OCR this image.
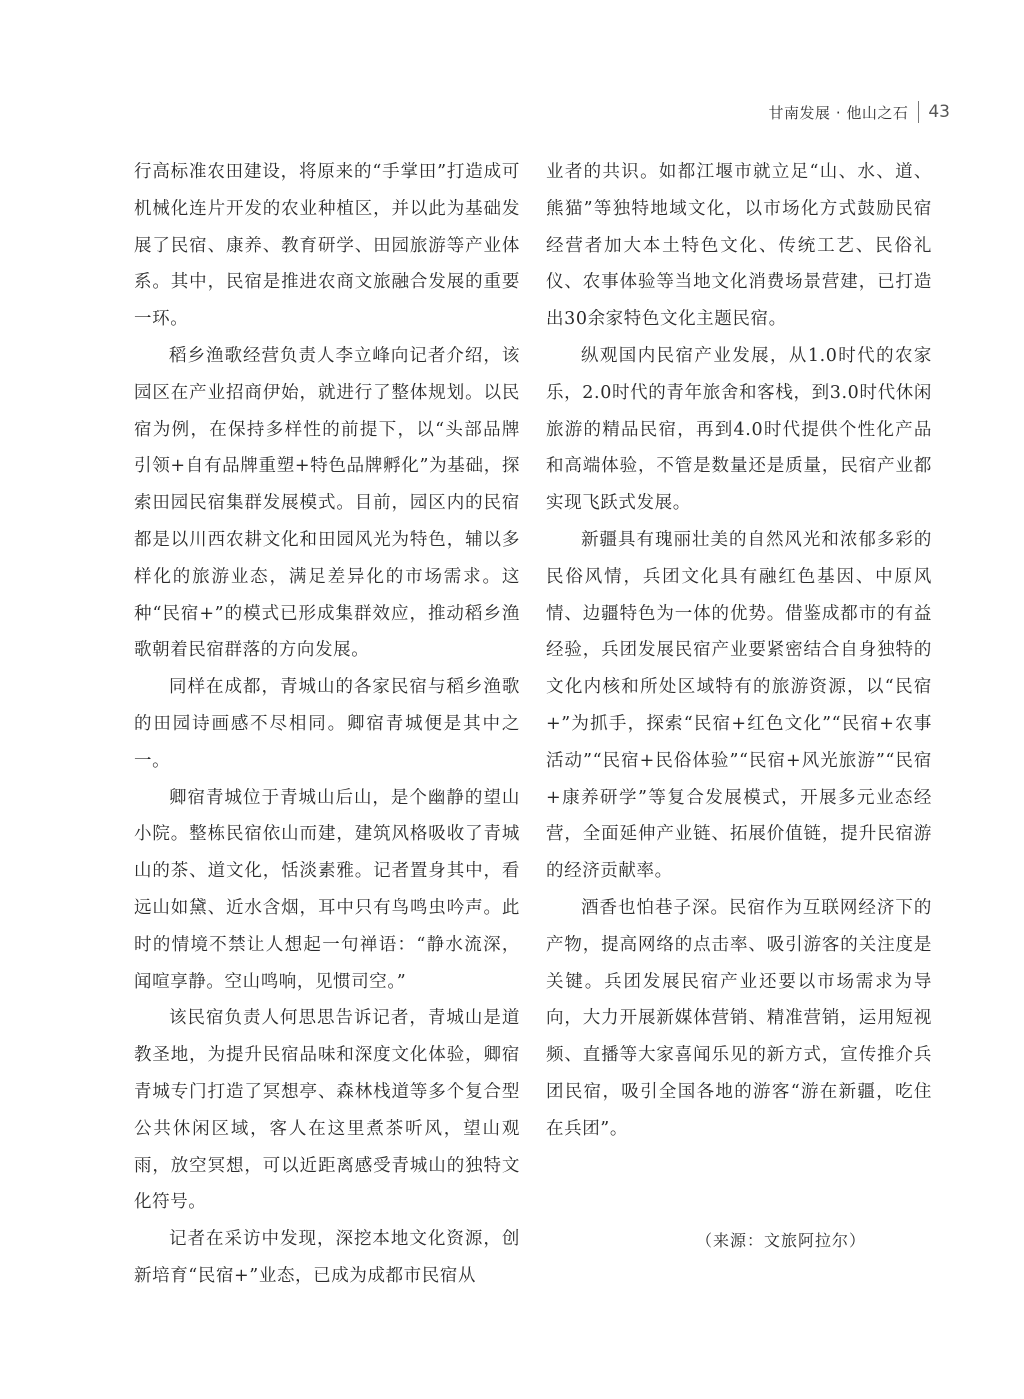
甘南发展 · 他山之石 43

行高标准农田建设，将原来的“手掌田”打造成可机械化连片开发的农业种植区，并以此为基础发展了民宿、康养、教育研学、田园旅游等产业体系。其中，民宿是推进农商文旅融合发展的重要一环。

稻乡渔歌经营负责人李立峰向记者介绍，该园区在产业招商伊始，就进行了整体规划。以民宿为例，在保持多样性的前提下，以“头部品牌引领+自有品牌重塑+特色品牌孵化”为基础，探索田园民宿集群发展模式。目前，园区内的民宿都是以川西农耕文化和田园风光为特色，辅以多样化的旅游业态，满足差异化的市场需求。这种“民宿+”的模式已形成集群效应，推动稻乡渔歌朝着民宿群落的方向发展。

同样在成都，青城山的各家民宿与稻乡渔歌的田园诗画感不尽相同。卿宿青城便是其中之一。

卿宿青城位于青城山后山，是个幽静的望山小院。整栋民宿依山而建，建筑风格吸收了青城山的茶、道文化，恬淡素雅。记者置身其中，看远山如黛、近水含烟，耳中只有鸟鸣虫吟声。此时的情境不禁让人想起一句禅语：“静水流深，闻喧享静。空山鸣响，见惯司空。”

该民宿负责人何思思告诉记者，青城山是道教圣地，为提升民宿品味和深度文化体验，卿宿青城专门打造了冥想亭、森林栈道等多个复合型公共休闲区域，客人在这里煮茶听风，望山观雨，放空冥想，可以近距离感受青城山的独特文化符号。

记者在采访中发现，深挖本地文化资源，创新培育“民宿+”业态，已成为成都市民宿从

业者的共识。如都江堰市就立足“山、水、道、熊猫”等独特地域文化，以市场化方式鼓励民宿经营者加大本土特色文化、传统工艺、民俗礼仪、农事体验等当地文化消费场景营建，已打造出30余家特色文化主题民宿。

纵观国内民宿产业发展，从1.0时代的农家乐，2.0时代的青年旅舍和客栈，到3.0时代休闲旅游的精品民宿，再到4.0时代提供个性化产品和高端体验，不管是数量还是质量，民宿产业都实现飞跃式发展。

新疆具有瑰丽壮美的自然风光和浓郁多彩的民俗风情，兵团文化具有融红色基因、中原风情、边疆特色为一体的优势。借鉴成都市的有益经验，兵团发展民宿产业要紧密结合自身独特的文化内核和所处区域特有的旅游资源，以“民宿+”为抓手，探索“民宿+红色文化”“民宿+农事活动”“民宿+民俗体验”“民宿+风光旅游”“民宿+康养研学”等复合发展模式，开展多元业态经营，全面延伸产业链、拓展价值链，提升民宿游的经济贡献率。

酒香也怕巷子深。民宿作为互联网经济下的产物，提高网络的点击率、吸引游客的关注度是关键。兵团发展民宿产业还要以市场需求为导向，大力开展新媒体营销、精准营销，运用短视频、直播等大家喜闻乐见的新方式，宣传推介兵团民宿，吸引全国各地的游客“游在新疆，吃住在兵团”。

（来源：文旅阿拉尔）
